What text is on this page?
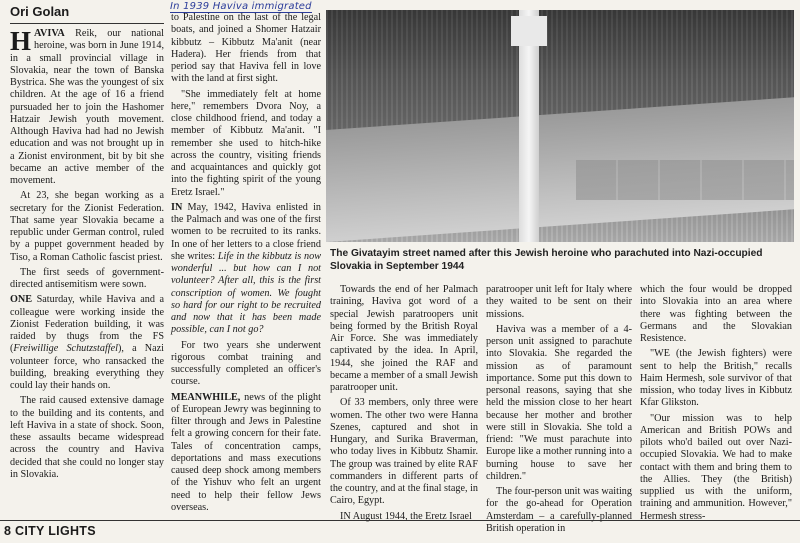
Ori Golan	In 1939 Haviva immigrated

HAVIVA Reik, our national heroine, was born in June 1914, in a small provincial village in Slovakia, near the town of Banska Bystrica. She was the youngest of six children. At the age of 16 a friend pursuaded her to join the Hashomer Hatzair Jewish youth movement. Although Haviva had had no Jewish education and was not brought up in a Zionist environment, bit by bit she became an active member of the movement.

At 23, she began working as a secretary for the Zionist Federation. That same year Slovakia became a republic under German control, ruled by a puppet government headed by Tiso, a Roman Catholic fascist priest.

The first seeds of government-directed antisemitism were sown.

ONE Saturday, while Haviva and a colleague were working inside the Zionist Federation building, it was raided by thugs from the FS (Freiwillige Schutzstaffel), a Nazi volunteer force, who ransacked the building, breaking everything they could lay their hands on.

The raid caused extensive damage to the building and its contents, and left Haviva in a state of shock. Soon, these assaults became widespread across the country and Haviva decided that she could no longer stay in Slovakia.

to Palestine on the last of the legal boats, and joined a Shomer Hatzair kibbutz – Kibbutz Ma'anit (near Hadera). Her friends from that period say that Haviva fell in love with the land at first sight.

"She immediately felt at home here," remembers Dvora Noy, a close childhood friend, and today a member of Kibbutz Ma'anit. "I remember she used to hitch-hike across the country, visiting friends and acquaintances and quickly got into the fighting spirit of the young Eretz Israel."

IN May, 1942, Haviva enlisted in the Palmach and was one of the first women to be recruited to its ranks. In one of her letters to a close friend she writes: Life in the kibbutz is now wonderful ... but how can I not volunteer? After all, this is the first conscription of women. We fought so hard for our right to be recruited and now that it has been made possible, can I not go?

For two years she underwent rigorous combat training and successfully completed an officer's course.

MEANWHILE, news of the plight of European Jewry was beginning to filter through and Jews in Palestine felt a growing concern for their fate. Tales of concentration camps, deportations and mass executions caused deep shock among members of the Yishuv who felt an urgent need to help their fellow Jews overseas.

The Givatayim street named after this Jewish heroine who parachuted into Nazi-occupied Slovakia in September 1944

Towards the end of her Palmach training, Haviva got word of a special Jewish paratroopers unit being formed by the British Royal Air Force. She was immediately captivated by the idea. In April, 1944, she joined the RAF and became a member of a small Jewish paratrooper unit.

Of 33 members, only three were women. The other two were Hanna Szenes, captured and shot in Hungary, and Surika Braverman, who today lives in Kibbutz Shamir. The group was trained by elite RAF commanders in different parts of the country, and at the final stage, in Cairo, Egypt.

IN August 1944, the Eretz Israel

paratrooper unit left for Italy where they waited to be sent on their missions.

Haviva was a member of a 4-person unit assigned to parachute into Slovakia. She regarded the mission as of paramount importance. Some put this down to personal reasons, saying that she held the mission close to her heart because her mother and brother were still in Slovakia. She told a friend: "We must parachute into Europe like a mother running into a burning house to save her children."

The four-person unit was waiting for the go-ahead for Operation Amsterdam – a carefully-planned British operation in

which the four would be dropped into Slovakia into an area where there was fighting between the Germans and the Slovakian Resistence.

"WE (the Jewish fighters) were sent to help the British," recalls Haim Hermesh, sole survivor of that mission, who today lives in Kibbutz Kfar Glikston.

"Our mission was to help American and British POWs and pilots who'd bailed out over Nazi-occupied Slovakia. We had to make contact with them and bring them to the Allies. They (the British) supplied us with the uniform, training and ammunition. However," Hermesh stress-

8 CITY LIGHTS
